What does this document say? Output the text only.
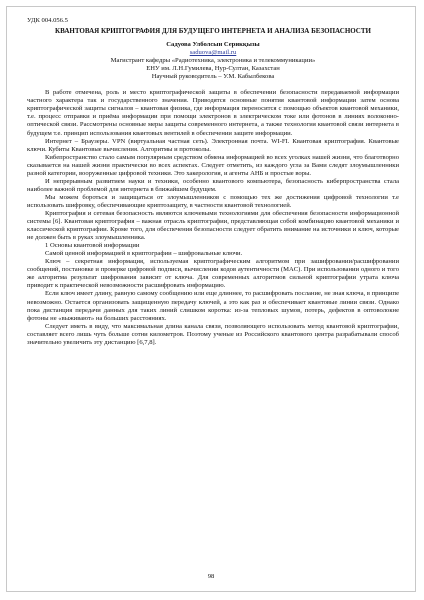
УДК 004.056.5
КВАНТОВАЯ КРИПТОГРАФИЯ ДЛЯ БУДУЩЕГО ИНТЕРНЕТА И АНАЛИЗА БЕЗОПАСНОСТИ
Садуова Улболсын Серикқызы
saduova@mail.ru
Магистрант кафедры «Радиотехника, электроника и телекоммуникации»
ЕНУ им. Л.Н.Гумилева, Нур-Султан, Казахстан
Научный руководитель – У.М. Кабылбекова

В работе отмечена, роль и место криптографической защиты в обеспечении безопасности передаваемой информации частного характера так и государственного значения. Приводятся основные понятия квантовой информации затем основа криптографической защиты сигналов – квантовая физика, где информация переносится с помощью объектов квантовой механики, т.е. процесс отправки и приёма информации при помощи электронов в электрическом токе или фотонов в линиях волоконно-оптической связи. Рассмотрены основные меры защиты современного интернета, а также технология квантовой связи интернета в будущем т.е. принцип использования квантовых вентилей в обеспечении защите информации.

Интернет – Браузеры. VPN (виртуальная частная сеть). Электронная почта. WI-FI. Квантовая криптография. Квантовые ключи. Кубиты Квантовые вычисления. Алгоритмы и протоколы.

Кибепространство стало самым популярным средством обмена информацией во всех уголках нашей жизни, что благотворно сказывается на нашей жизни практически во всех аспектах. Следует отметить, из каждого угла за Вами следят злоумышленники разной категории, вооруженные цифровой техники. Это хакерология, и агенты АНБ и простые воры.

И непрерывным развитием науки и техники, особенно квантового компьютера, безопасность киберпространства стала наиболее важной проблемой для интернета в ближайшем будущем.

Мы можем бороться и защищаться от злоумышленников с помощью тех же достижения цифровой технологии т.е использовать шифровку, обеспечивающие криптозащиту, в частности квантовой технологией.

Криптография и сетевая безопасность являются ключевыми технологиями для обеспечения безопасности информационной системы [6]. Квантовая криптография – важная отрасль криптографии, представляющая собой комбинацию квантовой механики и классической криптографии. Кроме того, для обеспечения безопасности следует обратить внимание на источники и ключ, которые не должен быть в руках злоумышленника.

1 Основы квантовой информации

Самой ценной информацией в криптографии – шифровальные ключи.

Ключ – секретная информация, используемая криптографическим алгоритмом при зашифровании/расшифровании сообщений, постановке и проверке цифровой подписи, вычислении кодов аутентичности (MAC). При использовании одного и того же алгоритма результат шифрования зависит от ключа. Для современных алгоритмов сильной криптографии утрата ключа приводит к практической невозможности расшифровать информацию.

Если ключ имеет длину, равную самому сообщению или еще длиннее, то расшифровать послание, не зная ключа, в принципе невозможно. Остается организовать защищенную передачу ключей, а это как раз и обеспечивает квантовые линии связи. Однако пока дистанция передачи данных для таких линий слишком коротка: из-за тепловых шумов, потерь, дефектов в оптоволокне фотоны не «выживают» на больших расстояниях.

Следует иметь в виду, что максимальная длина канала связи, позволяющего использовать метод квантовой криптографии, составляет всего лишь чуть больше сотни километров. Поэтому ученые из Российского квантового центра разрабатывали способ значительно увеличить эту дистанцию [6,7,8].

98
